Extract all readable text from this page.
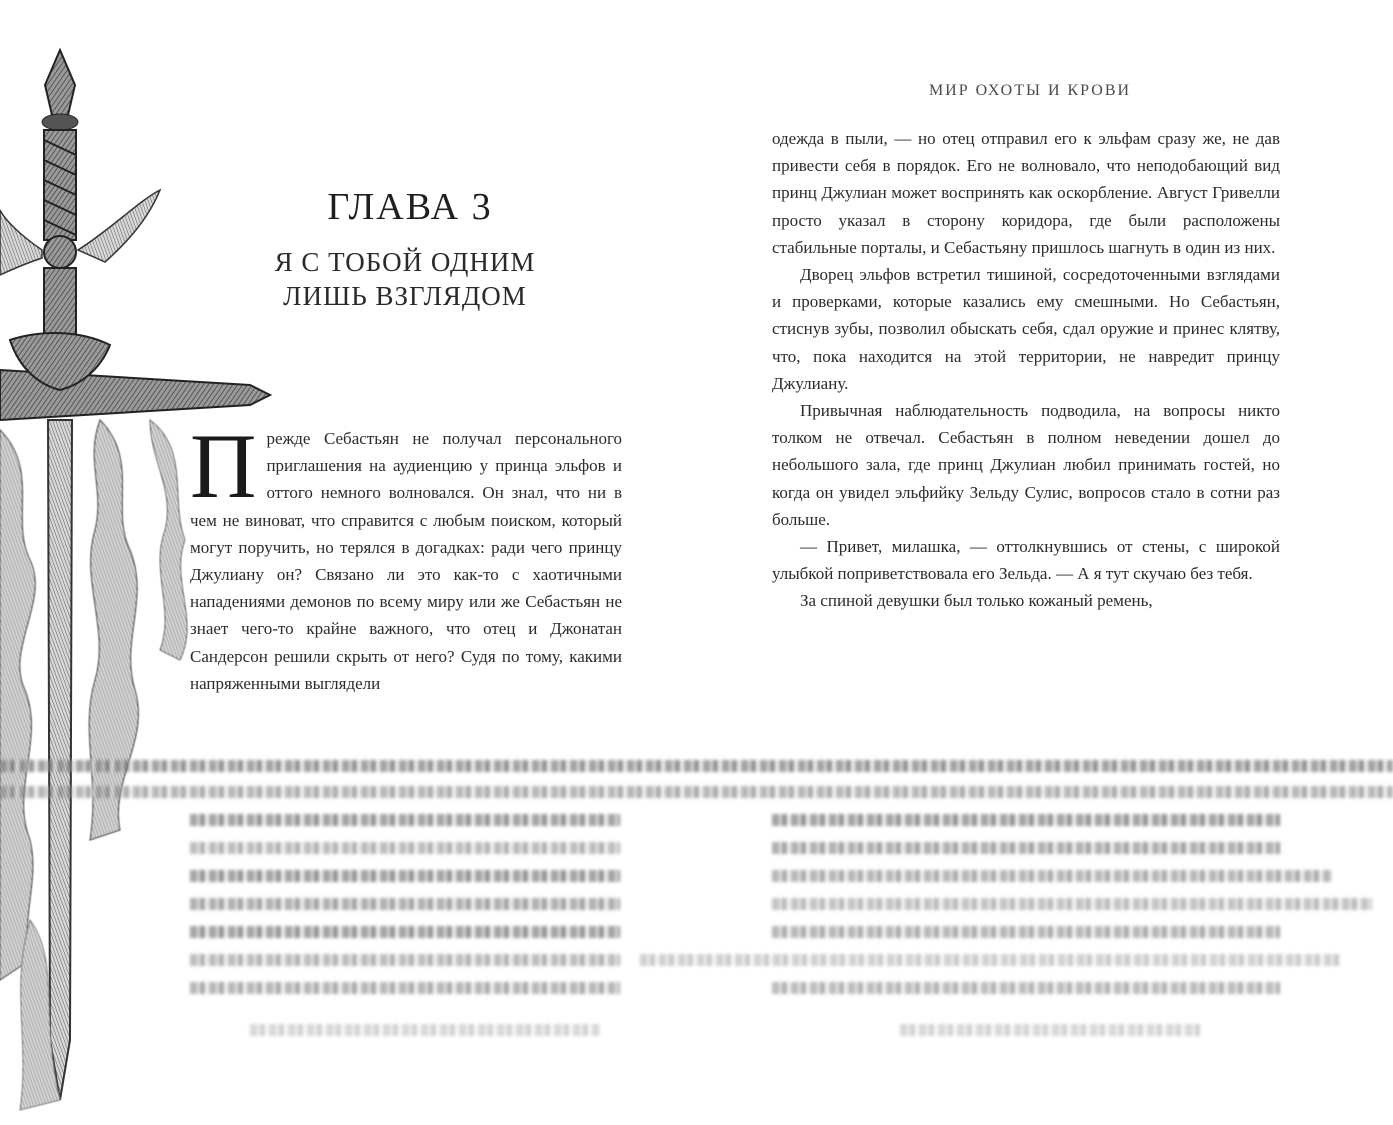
ГЛАВА 3
Я С ТОБОЙ ОДНИМ
ЛИШЬ ВЗГЛЯДОМ
П режде Себастьян не получал персонального приглашения на аудиенцию у принца эльфов и оттого немного волновался. Он знал, что ни в чем не виноват, что справится с любым поиском, который могут поручить, но терялся в догадках: ради чего принцу Джулиану он? Связано ли это как-то с хаотичными нападениями демонов по всему миру или же Себастьян не знает чего-то крайне важного, что отец и Джонатан Сандерсон решили скрыть от него? Судя по тому, какими напряженными выглядели
МИР ОХОТЫ И КРОВИ

одежда в пыли, — но отец отправил его к эльфам сразу же, не дав привести себя в порядок. Его не волновало, что неподобающий вид принц Джулиан может воспринять как оскорбление. Август Гривелли просто указал в сторону коридора, где были расположены стабильные порталы, и Себастьяну пришлось шагнуть в один из них.

Дворец эльфов встретил тишиной, сосредоточенными взглядами и проверками, которые казались ему смешными. Но Себастьян, стиснув зубы, позволил обыскать себя, сдал оружие и принес клятву, что, пока находится на этой территории, не навредит принцу Джулиану.

Привычная наблюдательность подводила, на вопросы никто толком не отвечал. Себастьян в полном неведении дошел до небольшого зала, где принц Джулиан любил принимать гостей, но когда он увидел эльфийку Зельду Сулис, вопросов стало в сотни раз больше.

— Привет, милашка, — оттолкнувшись от стены, с широкой улыбкой поприветствовала его Зельда. — А я тут скучаю без тебя.

За спиной девушки был только кожаный ремень,
